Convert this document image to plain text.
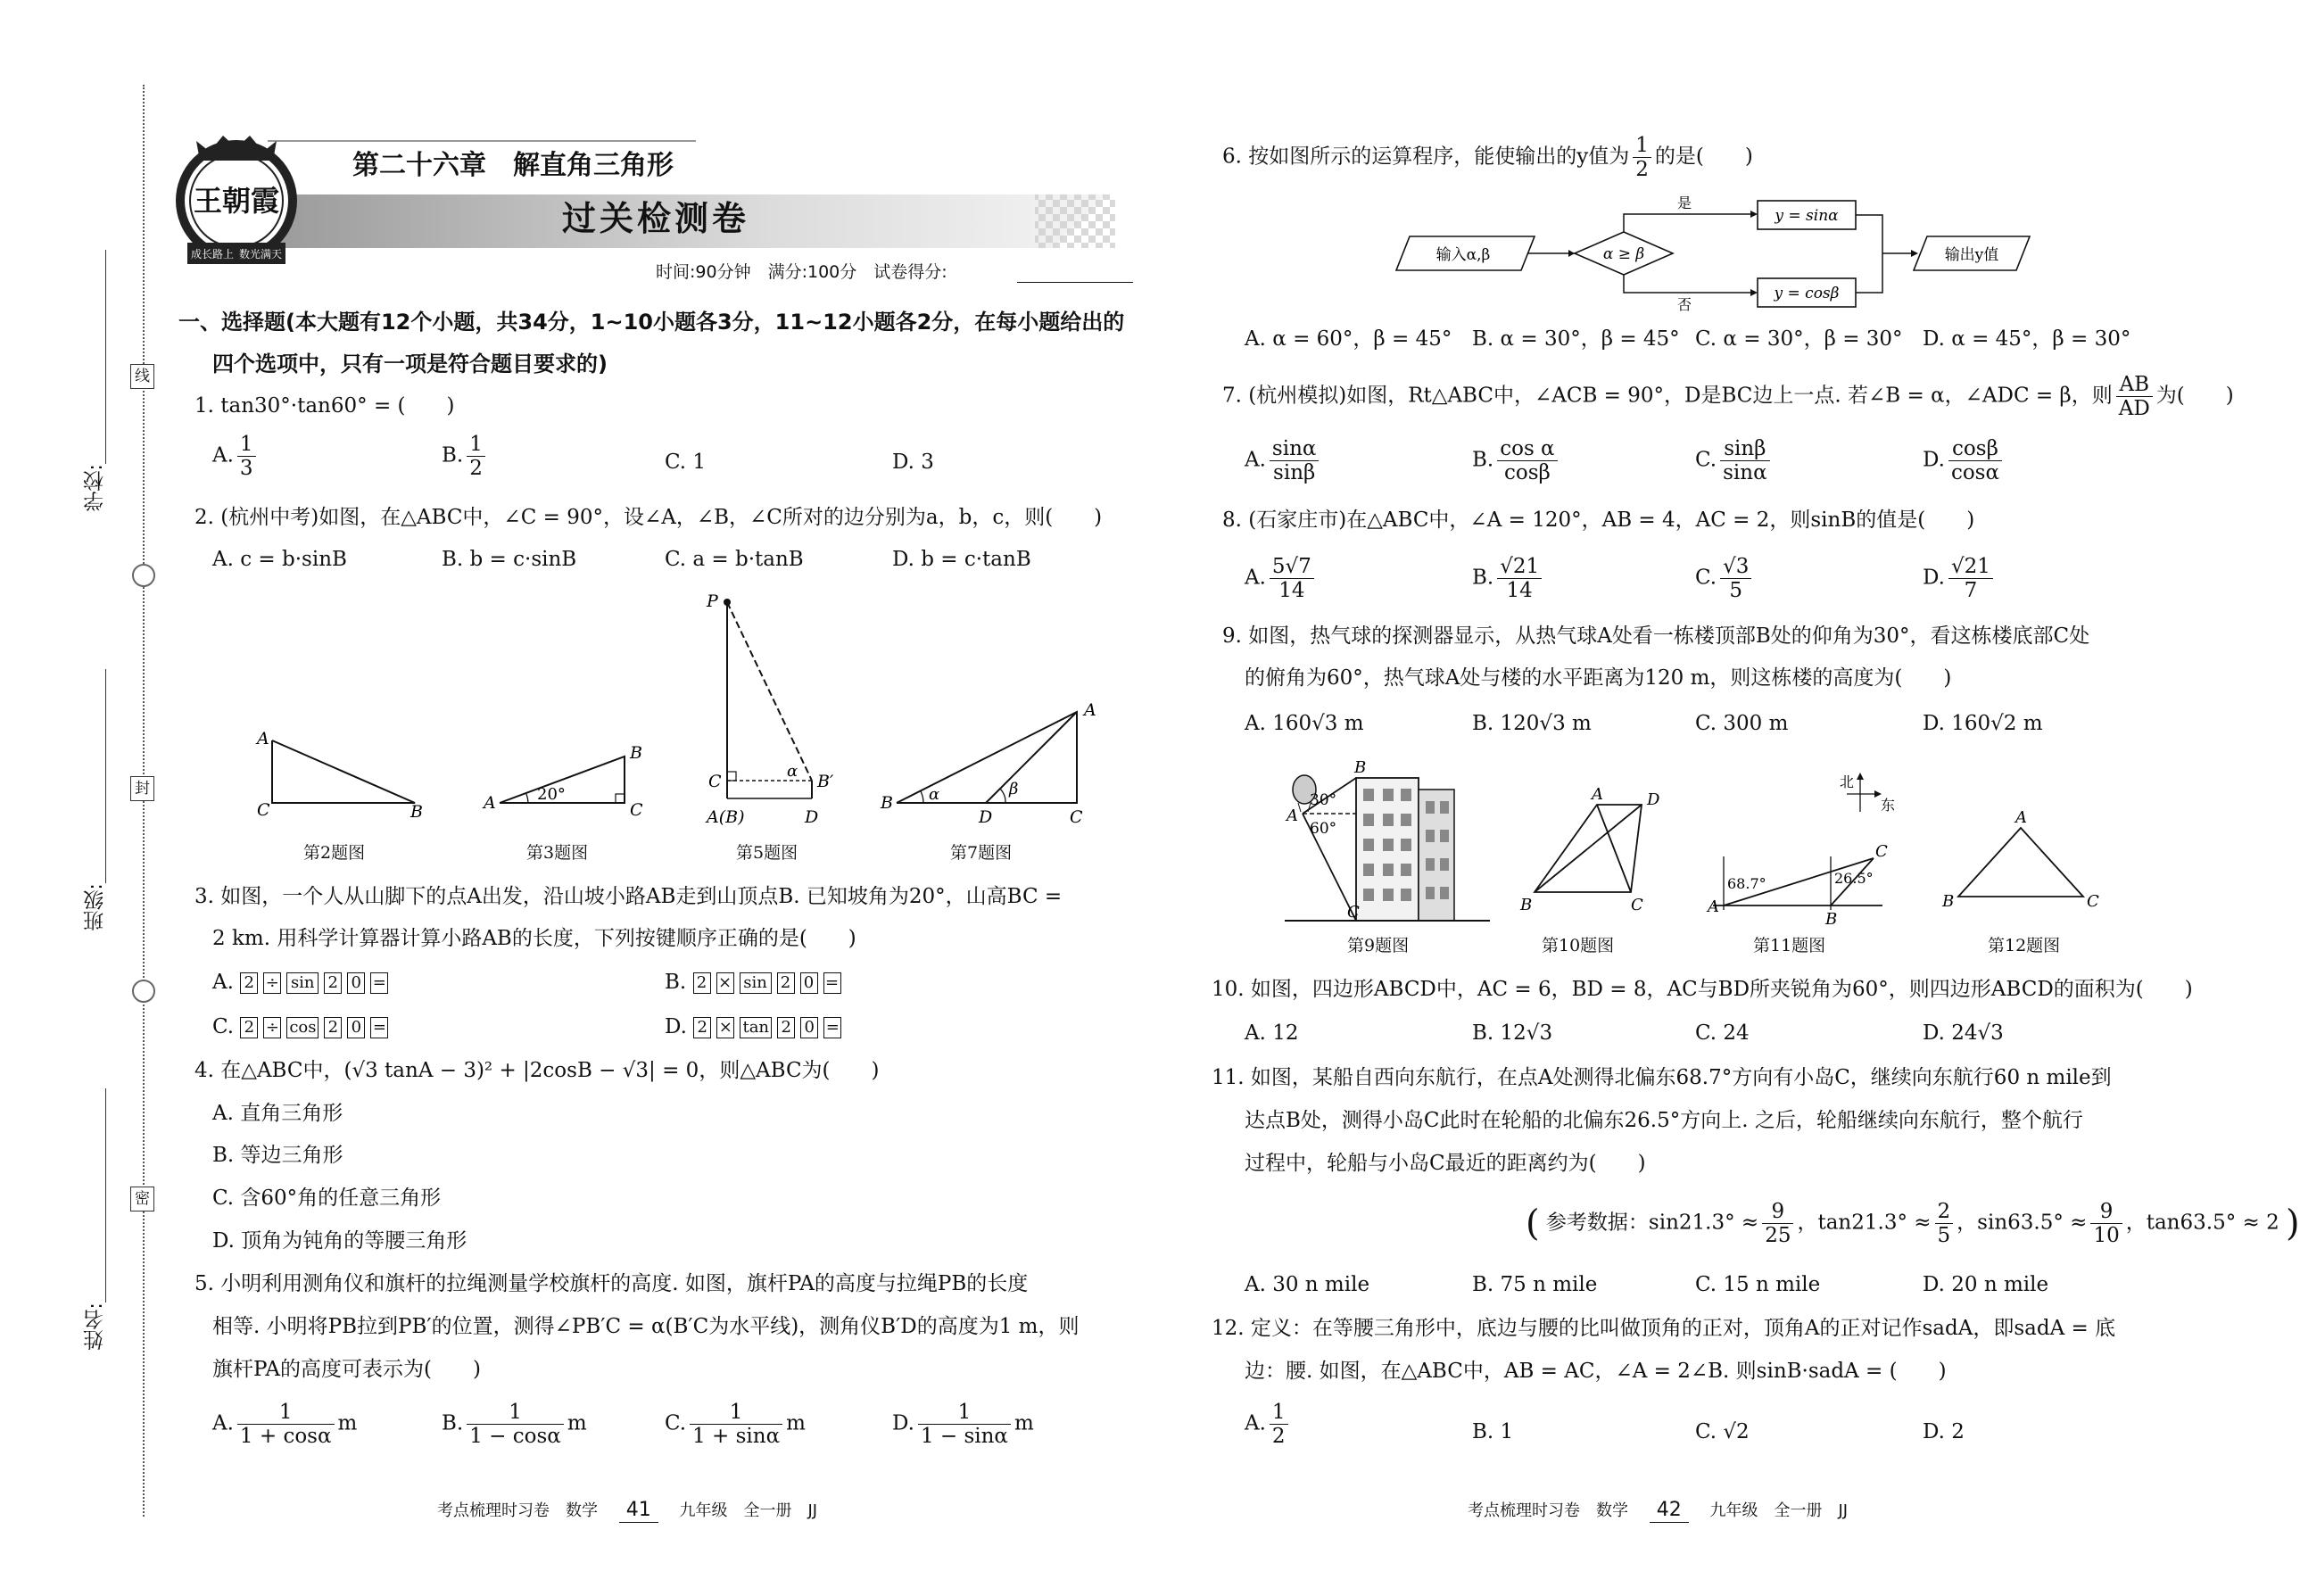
学校:
班级:
姓名:
线
封
密
王朝霞
成长路上 数光满天
第二十六章　解直角三角形
过关检测卷
时间:90分钟　满分:100分　试卷得分:
一、选择题(本大题有12个小题，共34分，1~10小题各3分，11~12小题各2分，在每小题给出的
四个选项中，只有一项是符合题目要求的)
1. tan30°·tan60° = (　　)
A. $\frac{1}{3}$	B. $\frac{1}{2}$	C. 1	D. 3
2. (杭州中考)如图，在△ABC中，∠C = 90°，设∠A，∠B，∠C所对的边分别为a，b，c，则(　　)
A. c = b·sinB	B. b = c·sinB	C. a = b·tanB	D. b = c·tanB
A
C	B
第2题图
A
B
C
20°
第3题图
P
C
A(B)	D
B′
α
第5题图
B
D	C
A
α	β
第7题图
3. 如图，一个人从山脚下的点A出发，沿山坡小路AB走到山顶点B. 已知坡角为20°，山高BC =
2 km. 用科学计算器计算小路AB的长度，下列按键顺序正确的是(　　)
A. 2 ÷ sin 2 0 =	B. 2 × sin 2 0 =
C. 2 ÷ cos 2 0 =	D. 2 × tan 2 0 =
4. 在△ABC中，(√3 tanA − 3)² + |2cosB − √3| = 0，则△ABC为(　　)
A. 直角三角形
B. 等边三角形
C. 含60°角的任意三角形
D. 顶角为钝角的等腰三角形
5. 小明利用测角仪和旗杆的拉绳测量学校旗杆的高度. 如图，旗杆PA的高度与拉绳PB的长度
相等. 小明将PB拉到PB′的位置，测得∠PB′C = α(B′C为水平线)，测角仪B′D的高度为1 m，则
旗杆PA的高度可表示为(　　)
A. $\frac{1}{1 + \cos\alpha}$ m	B. $\frac{1}{1 - \cos\alpha}$ m	C. $\frac{1}{1 + \sin\alpha}$ m	D. $\frac{1}{1 - \sin\alpha}$ m
考点梳理时习卷　数学 41 九年级　全一册　JJ
6. 按如图所示的运算程序，能使输出的y值为 $\frac{1}{2}$ 的是(　　)
输入α,β	α ≥ β
是
否
y = sinα
y = cosβ
输出y值
A. α = 60°，β = 45° B. α = 30°，β = 45° C. α = 30°，β = 30° D. α = 45°，β = 30°
7. (杭州模拟)如图，Rt△ABC中，∠ACB = 90°，D是BC边上一点. 若∠B = α，∠ADC = β，则 $\frac{AB}{AD}$ 为(　　)
A. $\frac{\sin\alpha}{\sin\beta}$	B. $\frac{\text{cos α}}{\cos\beta}$	C. $\frac{\sin\beta}{\sin\alpha}$	D. $\frac{\cos\beta}{\cos\alpha}$
8. (石家庄市)在△ABC中，∠A = 120°，AB = 4，AC = 2，则sinB的值是(　　)
A. $\frac{5√7}{14}$	B. $\frac{√21}{14}$	C. $\frac{√3}{5}$	D. $\frac{√21}{7}$
9. 如图，热气球的探测器显示，从热气球A处看一栋楼顶部B处的仰角为30°，看这栋楼底部C处
的俯角为60°，热气球A处与楼的水平距离为120 m，则这栋楼的高度为(　　)
A. 160√3 m	B. 120√3 m	C. 300 m	D. 160√2 m
B
A
30°
60°
C
第9题图
A	D
B	C
第10题图
北
东
C
A
B
68.7°	26.5°
第11题图
A
B	C
第12题图
10. 如图，四边形ABCD中，AC = 6，BD = 8，AC与BD所夹锐角为60°，则四边形ABCD的面积为(　　)
A. 12	B. 12√3	C. 24	D. 24√3
11. 如图，某船自西向东航行，在点A处测得北偏东68.7°方向有小岛C，继续向东航行60 n mile到
达点B处，测得小岛C此时在轮船的北偏东26.5°方向上. 之后，轮船继续向东航行，整个航行
过程中，轮船与小岛C最近的距离约为(　　)
( 参考数据：$\sin 21.3^\circ \approx \frac{9}{25}$ ，$\tan 21.3^\circ \approx \frac{2}{5}$ ，$\sin 63.5^\circ \approx \frac{9}{10}$ ，tan63.5° ≈ 2 )
A. 30 n mile	B. 75 n mile	C. 15 n mile	D. 20 n mile
12. 定义：在等腰三角形中，底边与腰的比叫做顶角的正对，顶角A的正对记作sadA，即sadA = 底
边：腰. 如图，在△ABC中，AB = AC，∠A = 2∠B. 则sinB·sadA = (　　)
A. $\frac{1}{2}$	B. 1	C. √2	D. 2
考点梳理时习卷　数学 42 九年级　全一册　JJ
